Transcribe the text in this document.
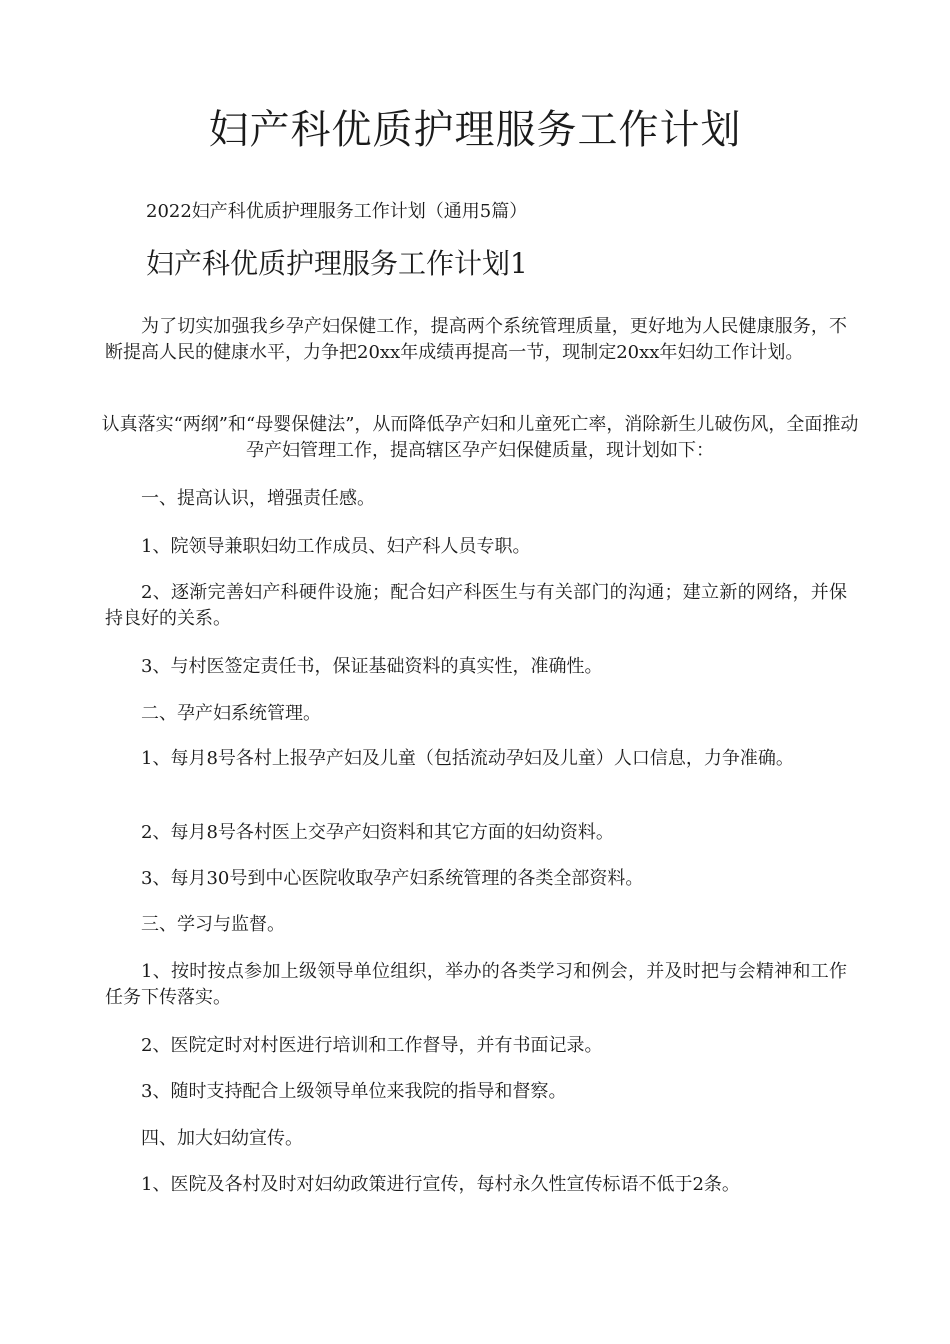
妇产科优质护理服务工作计划

2022妇产科优质护理服务工作计划（通用5篇）

妇产科优质护理服务工作计划1

为了切实加强我乡孕产妇保健工作，提高两个系统管理质量，更好地为人民健康服务，不断提高人民的健康水平，力争把20xx年成绩再提高一节，现制定20xx年妇幼工作计划。

认真落实“两纲”和“母婴保健法”，从而降低孕产妇和儿童死亡率，消除新生儿破伤风，全面推动孕产妇管理工作，提高辖区孕产妇保健质量，现计划如下：

一、提高认识，增强责任感。

1、院领导兼职妇幼工作成员、妇产科人员专职。

2、逐渐完善妇产科硬件设施；配合妇产科医生与有关部门的沟通；建立新的网络，并保持良好的关系。

3、与村医签定责任书，保证基础资料的真实性，准确性。

二、孕产妇系统管理。

1、每月8号各村上报孕产妇及儿童（包括流动孕妇及儿童）人口信息，力争准确。

2、每月8号各村医上交孕产妇资料和其它方面的妇幼资料。

3、每月30号到中心医院收取孕产妇系统管理的各类全部资料。

三、学习与监督。

1、按时按点参加上级领导单位组织，举办的各类学习和例会，并及时把与会精神和工作任务下传落实。

2、医院定时对村医进行培训和工作督导，并有书面记录。

3、随时支持配合上级领导单位来我院的指导和督察。

四、加大妇幼宣传。

1、医院及各村及时对妇幼政策进行宣传，每村永久性宣传标语不低于2条。
